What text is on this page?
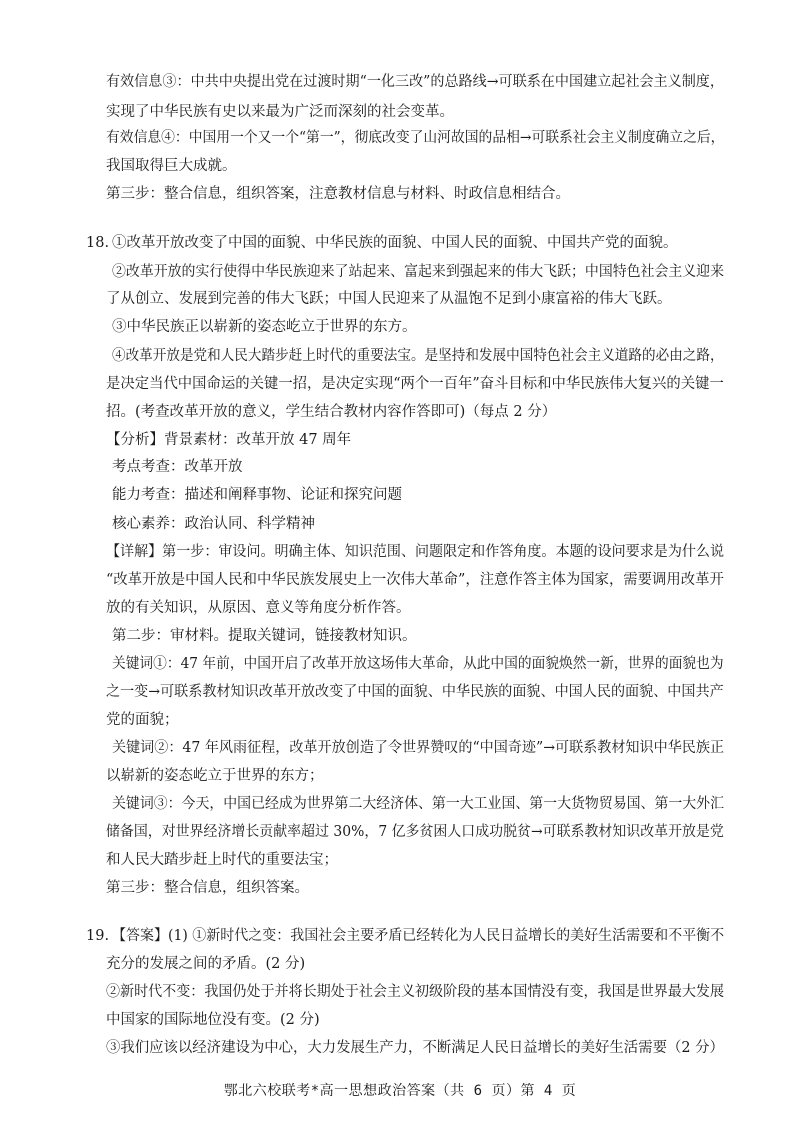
有效信息③：中共中央提出党在过渡时期“一化三改”的总路线→可联系在中国建立起社会主义制度，

实现了中华民族有史以来最为广泛而深刻的社会变革。

有效信息④：中国用一个又一个“第一”，彻底改变了山河故国的品相→可联系社会主义制度确立之后，

我国取得巨大成就。

第三步：整合信息，组织答案，注意教材信息与材料、时政信息相结合。

18. ①改革开放改变了中国的面貌、中华民族的面貌、中国人民的面貌、中国共产党的面貌。

②改革开放的实行使得中华民族迎来了站起来、富起来到强起来的伟大飞跃；中国特色社会主义迎来

了从创立、发展到完善的伟大飞跃；中国人民迎来了从温饱不足到小康富裕的伟大飞跃。

③中华民族正以崭新的姿态屹立于世界的东方。

④改革开放是党和人民大踏步赶上时代的重要法宝。是坚持和发展中国特色社会主义道路的必由之路，

是决定当代中国命运的关键一招，是决定实现“两个一百年”奋斗目标和中华民族伟大复兴的关键一

招。(考查改革开放的意义，学生结合教材内容作答即可)（每点 2 分）

【分析】背景素材：改革开放 47 周年

考点考查：改革开放

能力考查：描述和阐释事物、论证和探究问题

核心素养：政治认同、科学精神

【详解】第一步：审设问。明确主体、知识范围、问题限定和作答角度。本题的设问要求是为什么说

“改革开放是中国人民和中华民族发展史上一次伟大革命”，注意作答主体为国家，需要调用改革开

放的有关知识，从原因、意义等角度分析作答。

第二步：审材料。提取关键词，链接教材知识。

关键词①：47 年前，中国开启了改革开放这场伟大革命，从此中国的面貌焕然一新，世界的面貌也为

之一变→可联系教材知识改革开放改变了中国的面貌、中华民族的面貌、中国人民的面貌、中国共产

党的面貌；

关键词②：47 年风雨征程，改革开放创造了令世界赞叹的“中国奇迹”→可联系教材知识中华民族正

以崭新的姿态屹立于世界的东方；

关键词③：今天，中国已经成为世界第二大经济体、第一大工业国、第一大货物贸易国、第一大外汇

储备国，对世界经济增长贡献率超过 30%，7 亿多贫困人口成功脱贫→可联系教材知识改革开放是党

和人民大踏步赶上时代的重要法宝；

第三步：整合信息，组织答案。

19. 【答案】(1) ①新时代之变：我国社会主要矛盾已经转化为人民日益增长的美好生活需要和不平衡不

充分的发展之间的矛盾。(2 分)

②新时代不变：我国仍处于并将长期处于社会主义初级阶段的基本国情没有变，我国是世界最大发展

中国家的国际地位没有变。(2 分)

③我们应该以经济建设为中心，大力发展生产力，不断满足人民日益增长的美好生活需要（2 分）

鄂北六校联考*高一思想政治答案（共 6 页）第 4 页
